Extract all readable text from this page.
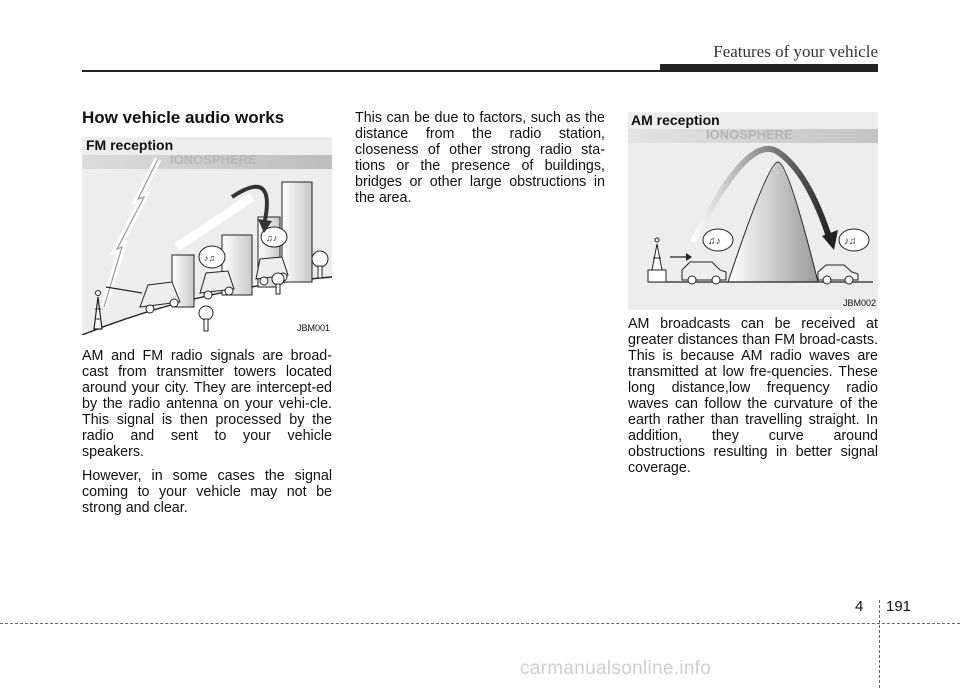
Features of your vehicle
How vehicle audio works
FM reception
IONOSPHERE
♪♫
♫♪
JBM001

AM and FM radio signals are broad-cast from transmitter towers located around your city. They are intercept-ed by the radio antenna on your vehi-cle. This signal is then processed by the radio and sent to your vehicle speakers.

However, in some cases the signal coming to your vehicle may not be strong and clear.

This can be due to factors, such as the distance from the radio station, closeness of other strong radio sta-tions or the presence of buildings, bridges or other large obstructions in the area.

AM reception
IONOSPHERE
♫♪	♪♫
JBM002

AM broadcasts can be received at greater distances than FM broad-casts. This is because AM radio waves are transmitted at low fre-quencies. These long distance,low frequency radio waves can follow the curvature of the earth rather than travelling straight. In addition, they curve around obstructions resulting in better signal coverage.

4 191
carmanualsonline.info
